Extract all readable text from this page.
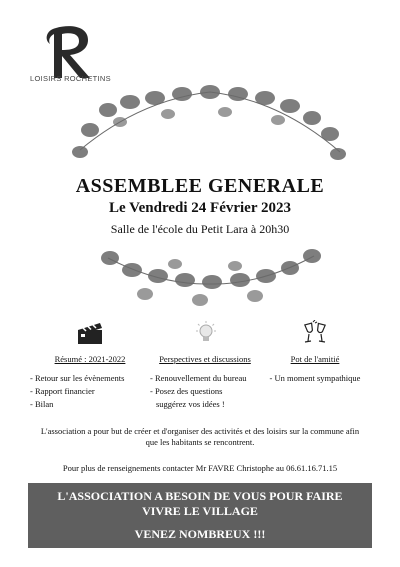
LOISIRS ROCHETINS
ASSEMBLEE GENERALE
Le Vendredi 24 Février 2023
Salle de l'école du Petit Lara à 20h30
Résumé : 2021-2022
- Retour sur les évènements
- Rapport financier
- Bilan
Perspectives et discussions
- Renouvellement du bureau
- Posez des questions
suggérez vos idées !
Pot de l'amitié
- Un moment sympathique
L'association a pour but de créer et d'organiser des activités et des loisirs sur la commune afin que les habitants se rencontrent.
Pour plus de renseignements contacter Mr FAVRE Christophe au 06.61.16.71.15
L'ASSOCIATION A BESOIN DE VOUS POUR FAIRE
VIVRE LE VILLAGE
VENEZ NOMBREUX !!!
